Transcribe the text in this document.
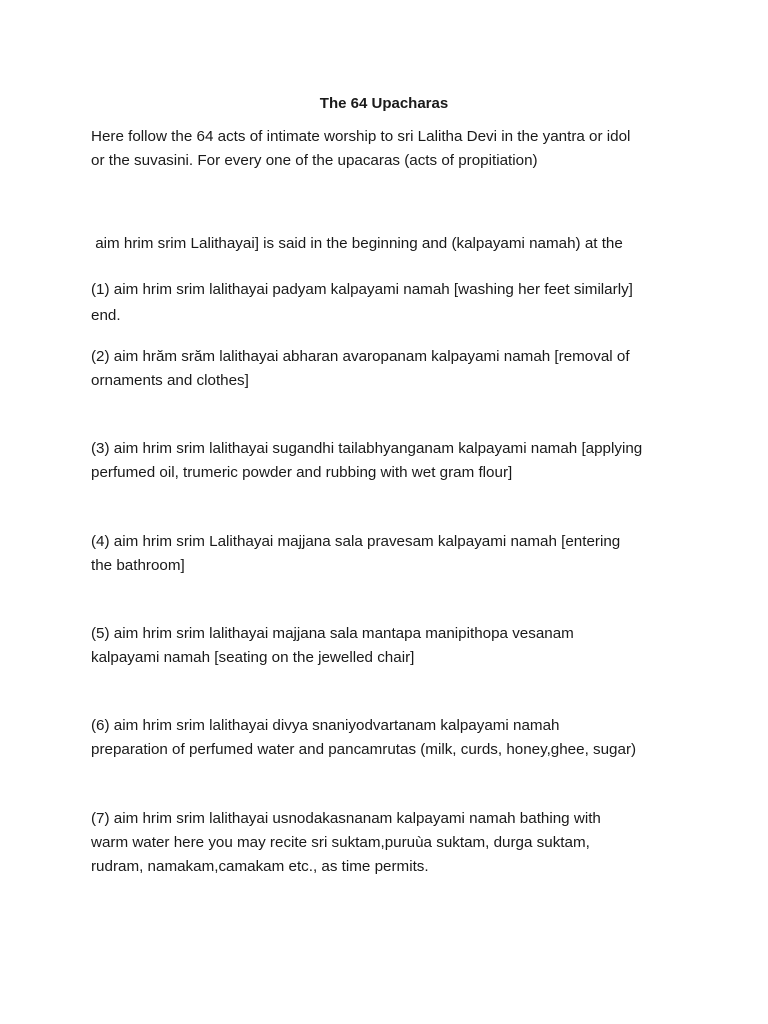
The 64 Upacharas
Here follow the 64 acts of intimate worship to sri Lalitha Devi in the yantra or idol
or the suvasini. For every one of the upacaras (acts of propitiation)

aim hrim srim Lalithayai] is said in the beginning and (kalpayami namah) at the

end.

(1) aim hrim srim lalithayai padyam kalpayami namah [washing her feet similarly]
(2) aim hrăm srăm lalithayai abharan avaropanam kalpayami namah [removal of
ornaments and clothes]
(3) aim hrim srim lalithayai sugandhi tailabhyanganam kalpayami namah [applying
perfumed oil, trumeric powder and rubbing with wet gram flour]
(4) aim hrim srim Lalithayai majjana sala pravesam kalpayami namah [entering
the bathroom]
(5) aim hrim srim lalithayai majjana sala mantapa manipithopa vesanam
kalpayami namah [seating on the jewelled chair]
(6) aim hrim srim lalithayai divya snaniyodvartanam kalpayami namah
preparation of perfumed water and pancamrutas (milk, curds, honey,ghee, sugar)
(7) aim hrim srim lalithayai usnodakasnanam kalpayami namah bathing with
warm water here you may recite sri suktam,puruùa suktam, durga suktam,
rudram, namakam,camakam etc., as time permits.
